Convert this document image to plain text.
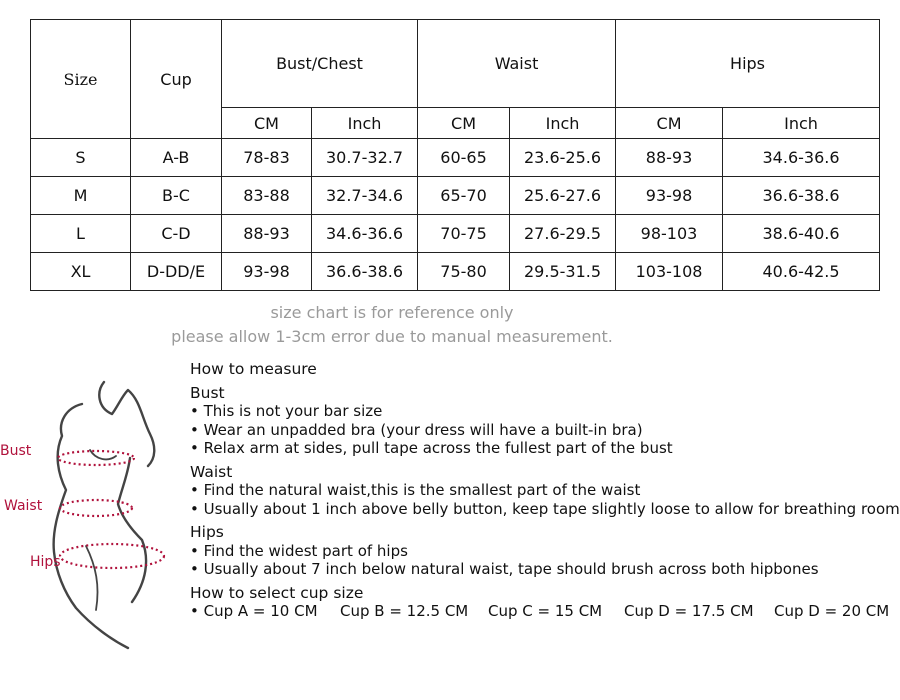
Size	Cup	Bust/Chest		Waist		Hips	
		CM	Inch	CM	Inch	CM	Inch
S	A-B	78-83	30.7-32.7	60-65	23.6-25.6	88-93	34.6-36.6
M	B-C	83-88	32.7-34.6	65-70	25.6-27.6	93-98	36.6-38.6
L	C-D	88-93	34.6-36.6	70-75	27.6-29.5	98-103	38.6-40.6
XL	D-DD/E	93-98	36.6-38.6	75-80	29.5-31.5	103-108	40.6-42.5
size chart is for reference only
please allow 1-3cm error due to manual measurement.
Bust
Waist
Hips
How to measure
Bust
• This is not your bar size
• Wear an unpadded bra (your dress will have a built-in bra)
• Relax arm at sides, pull tape across the fullest part of the bust
Waist
• Find the natural waist,this is the smallest part of the waist
• Usually about 1 inch above belly button, keep tape slightly loose to allow for breathing room
Hips
• Find the widest part of hips
• Usually about 7 inch below natural waist, tape should brush across both hipbones
How to select cup size
• Cup A = 10 CM	Cup B = 12.5 CM	Cup C = 15 CM	Cup D = 17.5 CM	Cup D = 20 CM
